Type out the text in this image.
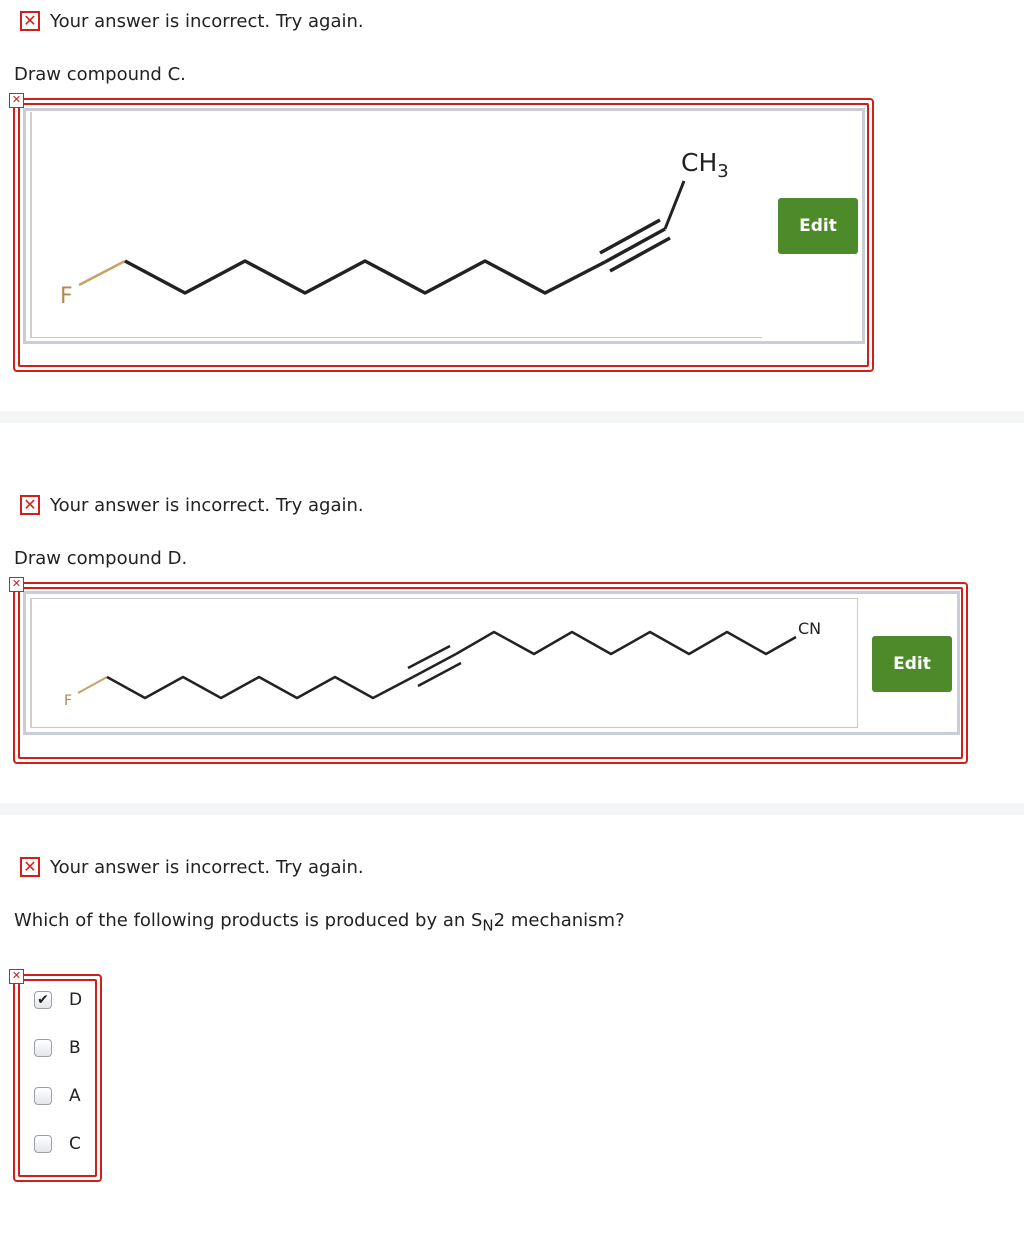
✕ Your answer is incorrect. Try again.
Draw compound C.
✕
F
$CH_3$
Edit
✕ Your answer is incorrect. Try again.
Draw compound D.
✕
F
CN
Edit
✕ Your answer is incorrect. Try again.
Which of the following products is produced by an $S_N2$ mechanism?
✕
✔ D
B
A
C
